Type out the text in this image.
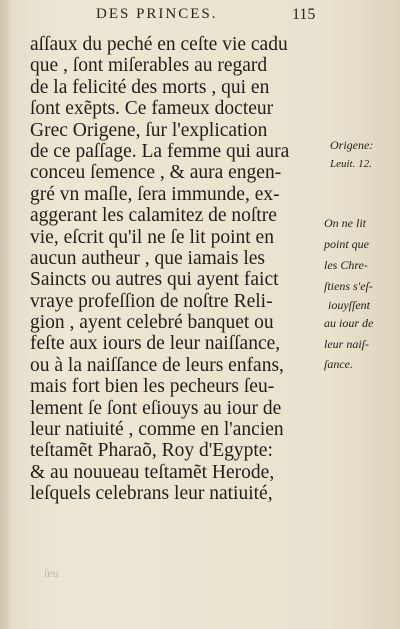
DES PRINCES.	115
aſſaux du peché en ceſte vie cadu
que , ſont miſerables au regard
de la felicité des morts , qui en
ſont exẽpts. Ce fameux docteur
Grec Origene, ſur l'explication
de ce paſſage. La femme qui aura
conceu ſemence , & aura engen-
gré vn maſle, ſera immunde, ex-
aggerant les calamitez de noſtre
vie, eſcrit qu'il ne ſe lit point en
aucun autheur , que iamais les
Saincts ou autres qui ayent faict
vraye profeſſion de noſtre Reli-
gion , ayent celebré banquet ou
feſte aux iours de leur naiſſance,
ou à la naiſſance de leurs enfans,
mais fort bien les pecheurs ſeu-
lement ſe ſont eſiouys au iour de
leur natiuité , comme en l'ancien
teſtamẽt Pharaõ, Roy d'Egypte:
& au nouueau teſtamẽt Herode,
leſquels celebrans leur natiuité,
Origene:
Leuit. 12.
On ne lit
point que
les Chre-
ſtiens s'eſ-
iouyſſent
au iour de
leur naiſ-
ſance.
ſeu
